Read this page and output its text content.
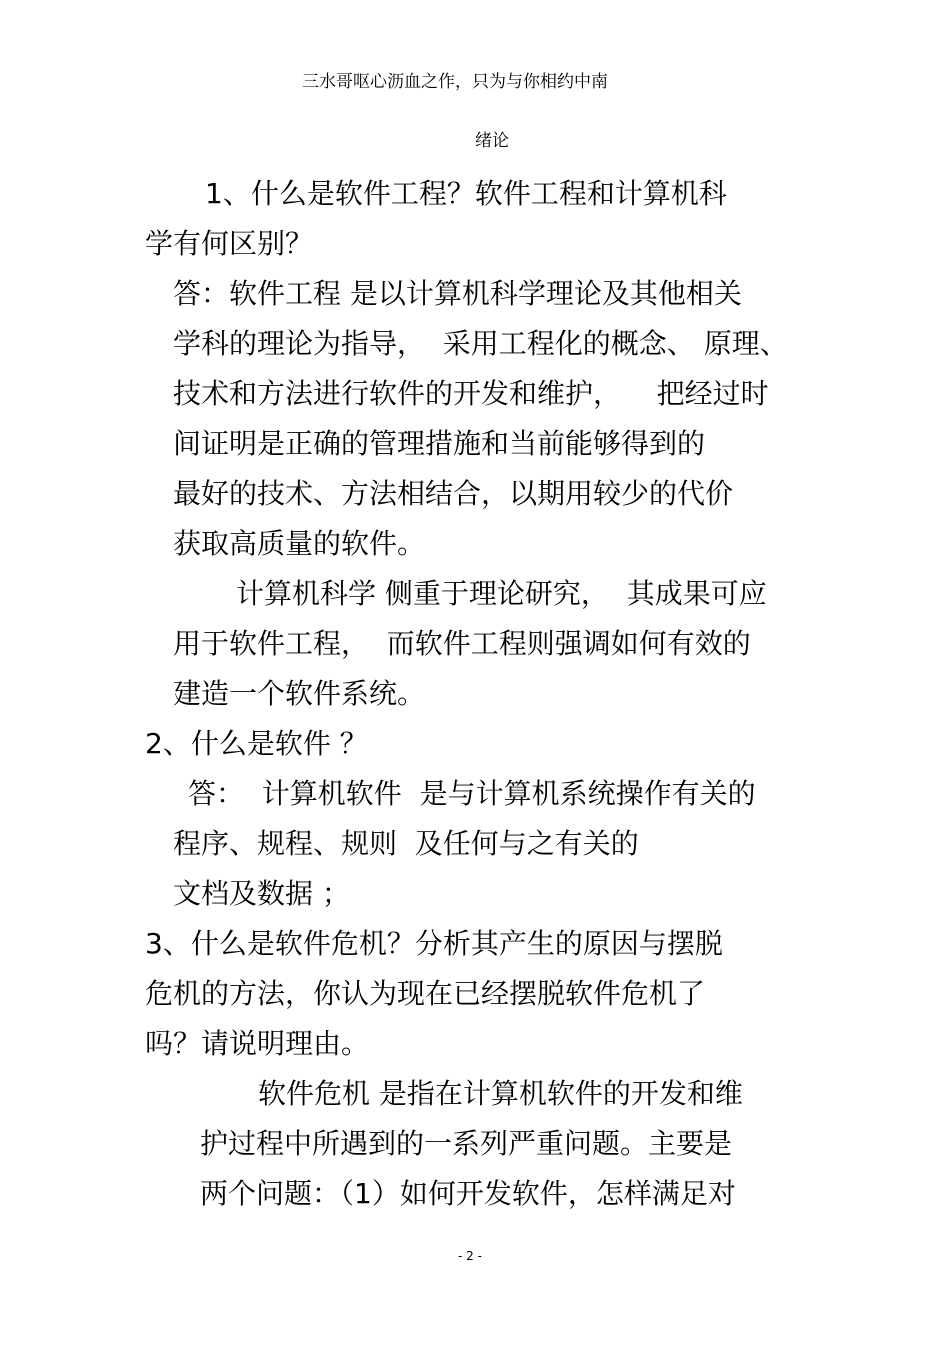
三水哥呕心沥血之作，只为与你相约中南
绪论
1、什么是软件工程？软件工程和计算机科
学有何区别？
答：软件工程 是以计算机科学理论及其他相关
学科的理论为指导，  采用工程化的概念、 原理、
技术和方法进行软件的开发和维护，    把经过时
间证明是正确的管理措施和当前能够得到的
最好的技术、方法相结合，以期用较少的代价
获取高质量的软件。
计算机科学 侧重于理论研究，  其成果可应
用于软件工程，  而软件工程则强调如何有效的
建造一个软件系统。
2、什么是软件 ？
答：  计算机软件  是与计算机系统操作有关的
程序、规程、规则  及任何与之有关的
文档及数据 ；
3、什么是软件危机？分析其产生的原因与摆脱
危机的方法，你认为现在已经摆脱软件危机了
吗？请说明理由。
软件危机 是指在计算机软件的开发和维
护过程中所遇到的一系列严重问题。主要是
两个问题：（1）如何开发软件，怎样满足对
- 2 -
